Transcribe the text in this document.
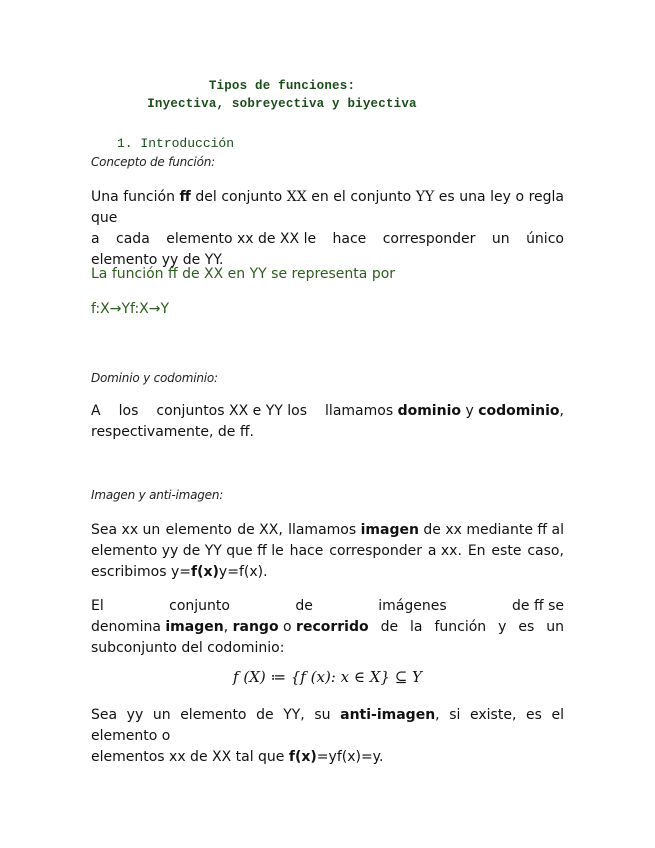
Tipos de funciones:
Inyectiva, sobreyectiva y biyectiva
1. Introducción
Concepto de función:
Una función ff del conjunto XX en el conjunto YY es una ley o regla que
a cada elemento xx de XX le hace corresponder un único
elemento yy de YY.
La función ff de XX en YY se representa por
f:X→Yf:X→Y
Dominio y codominio:
A los conjuntos XX e YY los llamamos dominio y codominio,
respectivamente, de ff.
Imagen y anti-imagen:
Sea xx un elemento de XX, llamamos imagen de xx mediante ff al
elemento yy de YY que ff le hace corresponder a xx. En este caso,
escribimos y=f(x)y=f(x).
El	conjunto	de	imágenes	de ff se
denomina imagen, rango o recorrido de la función y es un
subconjunto del codominio:
f (X) ≔ {f (x): x ∈ X} ⊆ Y
Sea yy un elemento de YY, su anti-imagen, si existe, es el elemento o
elementos xx de XX tal que f(x)=yf(x)=y.
